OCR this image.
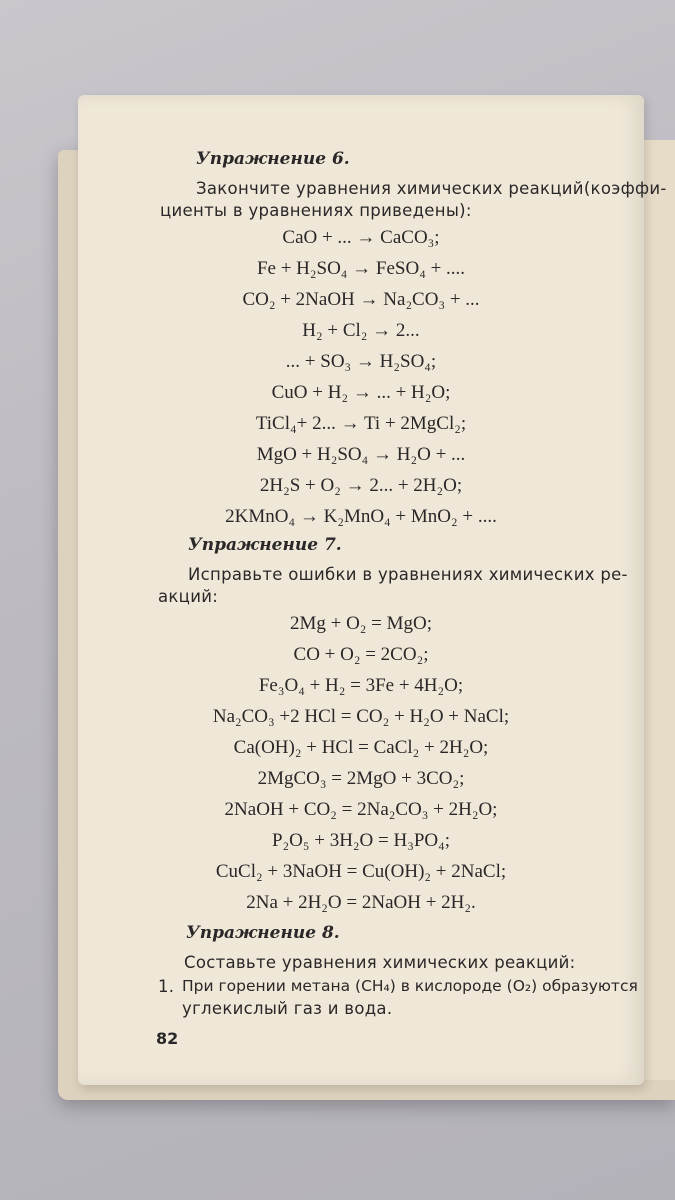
Упражнение 6.
Закончите уравнения химических реакций(коэффи-
циенты в уравнениях приведены):
CaO + ... → CaCO₃;
Fe + H₂SO₄ → FeSO₄ + ....
CO₂ + 2NaOH → Na₂CO₃ + ...
H₂ + Cl₂ → 2...
... + SO₃ → H₂SO₄;
CuO + H₂ → ... + H₂O;
TiCl₄+ 2... → Ti + 2MgCl₂;
MgO + H₂SO₄ → H₂O + ...
2H₂S + O₂ → 2... + 2H₂O;
2KMnO₄ → K₂MnO₄ + MnO₂ + ....
Упражнение 7.
Исправьте ошибки в уравнениях химических ре-
акций:
2Mg + O₂ = MgO;
CO + O₂ = 2CO₂;
Fe₃O₄ + H₂ = 3Fe + 4H₂O;
Na₂CO₃ +2 HCl = CO₂ + H₂O + NaCl;
Ca(OH)₂ + HCl = CaCl₂ + 2H₂O;
2MgCO₃ = 2MgO + 3CO₂;
2NaOH + CO₂ = 2Na₂CO₃ + 2H₂O;
P₂O₅ + 3H₂O = H₃PO₄;
CuCl₂ + 3NaOH = Cu(OH)₂ + 2NaCl;
2Na + 2H₂O = 2NaOH + 2H₂.
Упражнение 8.
Составьте уравнения химических реакций:
1. При горении метана (CH₄) в кислороде (O₂) образуются
углекислый газ и вода.
82
